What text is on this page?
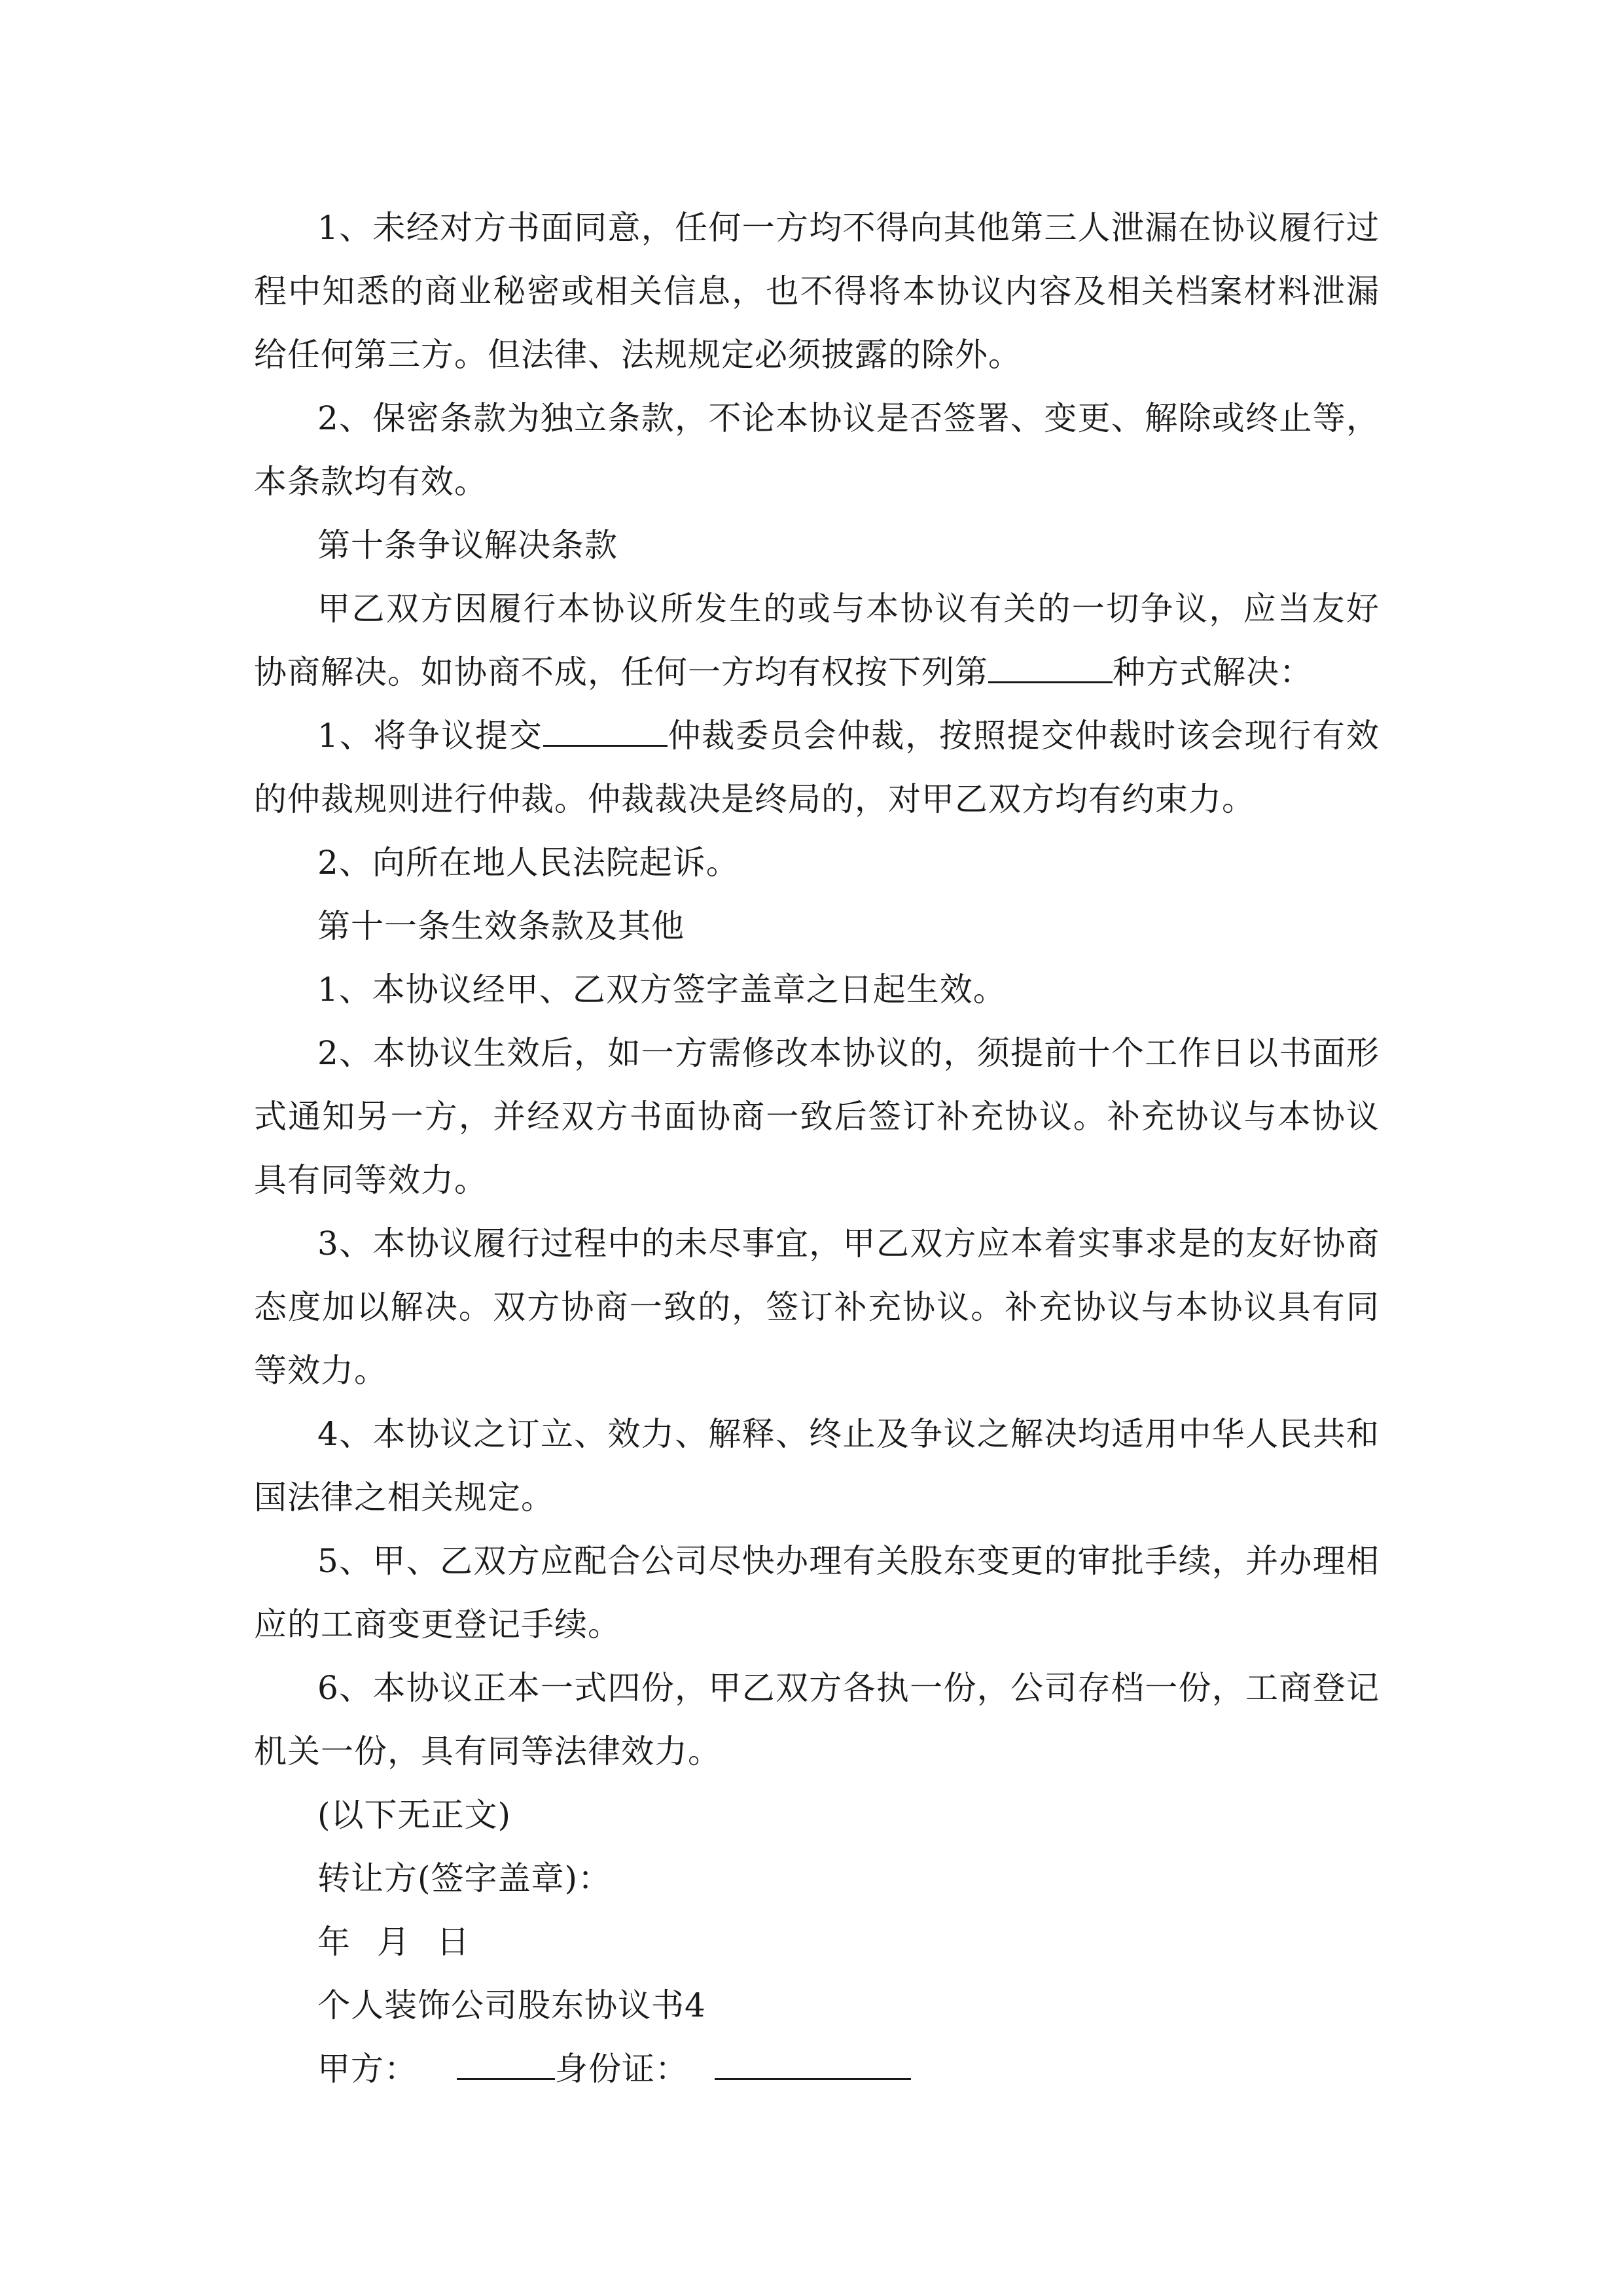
1、未经对方书面同意，任何一方均不得向其他第三人泄漏在协议履行过程中知悉的商业秘密或相关信息，也不得将本协议内容及相关档案材料泄漏给任何第三方。但法律、法规规定必须披露的除外。

2、保密条款为独立条款，不论本协议是否签署、变更、解除或终止等，本条款均有效。

第十条争议解决条款

甲乙双方因履行本协议所发生的或与本协议有关的一切争议，应当友好协商解决。如协商不成，任何一方均有权按下列第	种方式解决：

1、将争议提交	仲裁委员会仲裁，按照提交仲裁时该会现行有效的仲裁规则进行仲裁。仲裁裁决是终局的，对甲乙双方均有约束力。

2、向所在地人民法院起诉。

第十一条生效条款及其他

1、本协议经甲、乙双方签字盖章之日起生效。

2、本协议生效后，如一方需修改本协议的，须提前十个工作日以书面形式通知另一方，并经双方书面协商一致后签订补充协议。补充协议与本协议具有同等效力。

3、本协议履行过程中的未尽事宜，甲乙双方应本着实事求是的友好协商态度加以解决。双方协商一致的，签订补充协议。补充协议与本协议具有同等效力。

4、本协议之订立、效力、解释、终止及争议之解决均适用中华人民共和国法律之相关规定。

5、甲、乙双方应配合公司尽快办理有关股东变更的审批手续，并办理相应的工商变更登记手续。

6、本协议正本一式四份，甲乙双方各执一份，公司存档一份，工商登记机关一份，具有同等法律效力。

(以下无正文)

转让方(签字盖章)：

年 月 日

个人装饰公司股东协议书4

甲方：	身份证：
